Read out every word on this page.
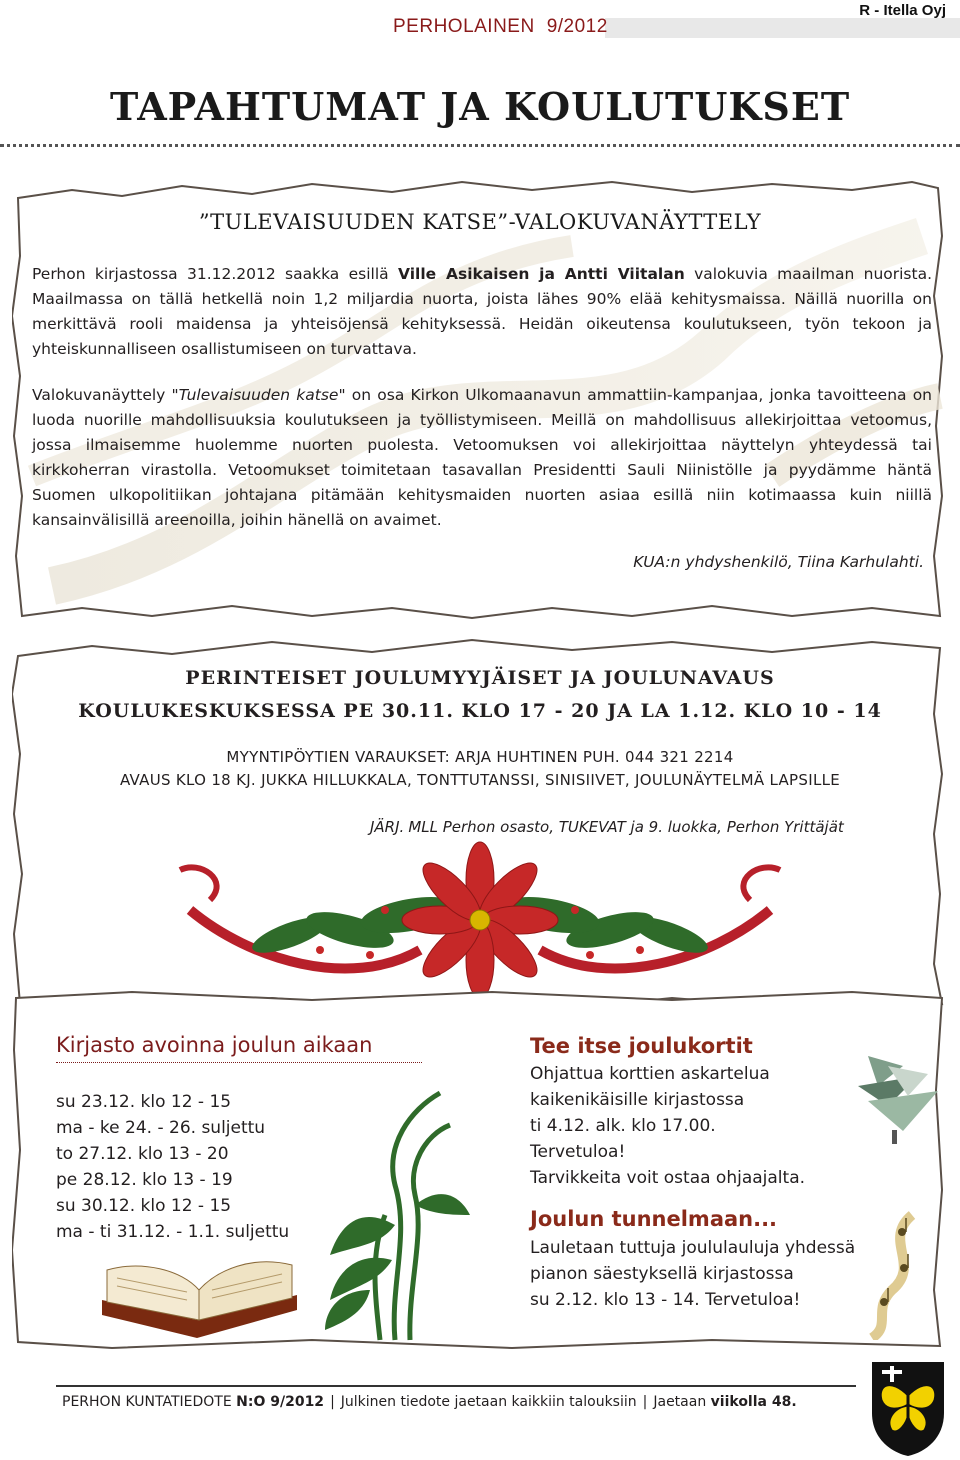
PERHOLAINEN 9/2012
R - Itella Oyj
TAPAHTUMAT JA KOULUTUKSET
”TULEVAISUUDEN KATSE”-VALOKUVANÄYTTELY
Perhon kirjastossa 31.12.2012 saakka esillä Ville Asikaisen ja Antti Viitalan valokuvia maailman nuorista. Maailmassa on tällä hetkellä noin 1,2 miljardia nuorta, joista lähes 90% elää kehitysmaissa. Näillä nuorilla on merkittävä rooli maidensa ja yhteisöjensä kehityksessä. Heidän oikeutensa koulutukseen, työn tekoon ja yhteiskunnalliseen osallistumiseen on turvattava.
Valokuvanäyttely "Tulevaisuuden katse" on osa Kirkon Ulkomaanavun ammattiin-kampanjaa, jonka tavoitteena on luoda nuorille mahdollisuuksia koulutukseen ja työllistymiseen. Meillä on mahdollisuus allekirjoittaa vetoomus, jossa ilmaisemme huolemme nuorten puolesta. Vetoomuksen voi allekirjoittaa näyttelyn yhteydessä tai kirkkoherran virastolla. Vetoomukset toimitetaan tasavallan Presidentti Sauli Niinistölle ja pyydämme häntä Suomen ulkopolitiikan johtajana pitämään kehitysmaiden nuorten asiaa esillä niin kotimaassa kuin niillä kansainvälisillä areenoilla, joihin hänellä on avaimet.
KUA:n yhdyshenkilö, Tiina Karhulahti.
PERINTEISET JOULUMYYJÄISET JA JOULUNAVAUS
KOULUKESKUKSESSA PE 30.11. KLO 17 - 20 JA LA 1.12. KLO 10 - 14
MYYNTIPÖYTIEN VARAUKSET: ARJA HUHTINEN PUH. 044 321 2214
AVAUS KLO 18 KJ. JUKKA HILLUKKALA, TONTTUTANSSI, SINISIIVET, JOULUNÄYTELMÄ LAPSILLE
JÄRJ. MLL Perhon osasto, TUKEVAT ja 9. luokka, Perhon Yrittäjät
Kirjasto avoinna joulun aikaan
su 23.12. klo 12 - 15
ma - ke 24. - 26. suljettu
to 27.12. klo 13 - 20
pe 28.12. klo 13 - 19
su 30.12. klo 12 - 15
ma - ti 31.12. - 1.1. suljettu
Tee itse joulukortit
Ohjattua korttien askartelua
kaikenikäisille kirjastossa
ti 4.12. alk. klo 17.00.
Tervetuloa!
Tarvikkeita voit ostaa ohjaajalta.
Joulun tunnelmaan...
Lauletaan tuttuja joululauluja yhdessä
pianon säestyksellä kirjastossa
su 2.12. klo 13 - 14. Tervetuloa!
PERHON KUNTATIEDOTE N:O 9/2012 | Julkinen tiedote jaetaan kaikkiin talouksiin | Jaetaan viikolla 48.
